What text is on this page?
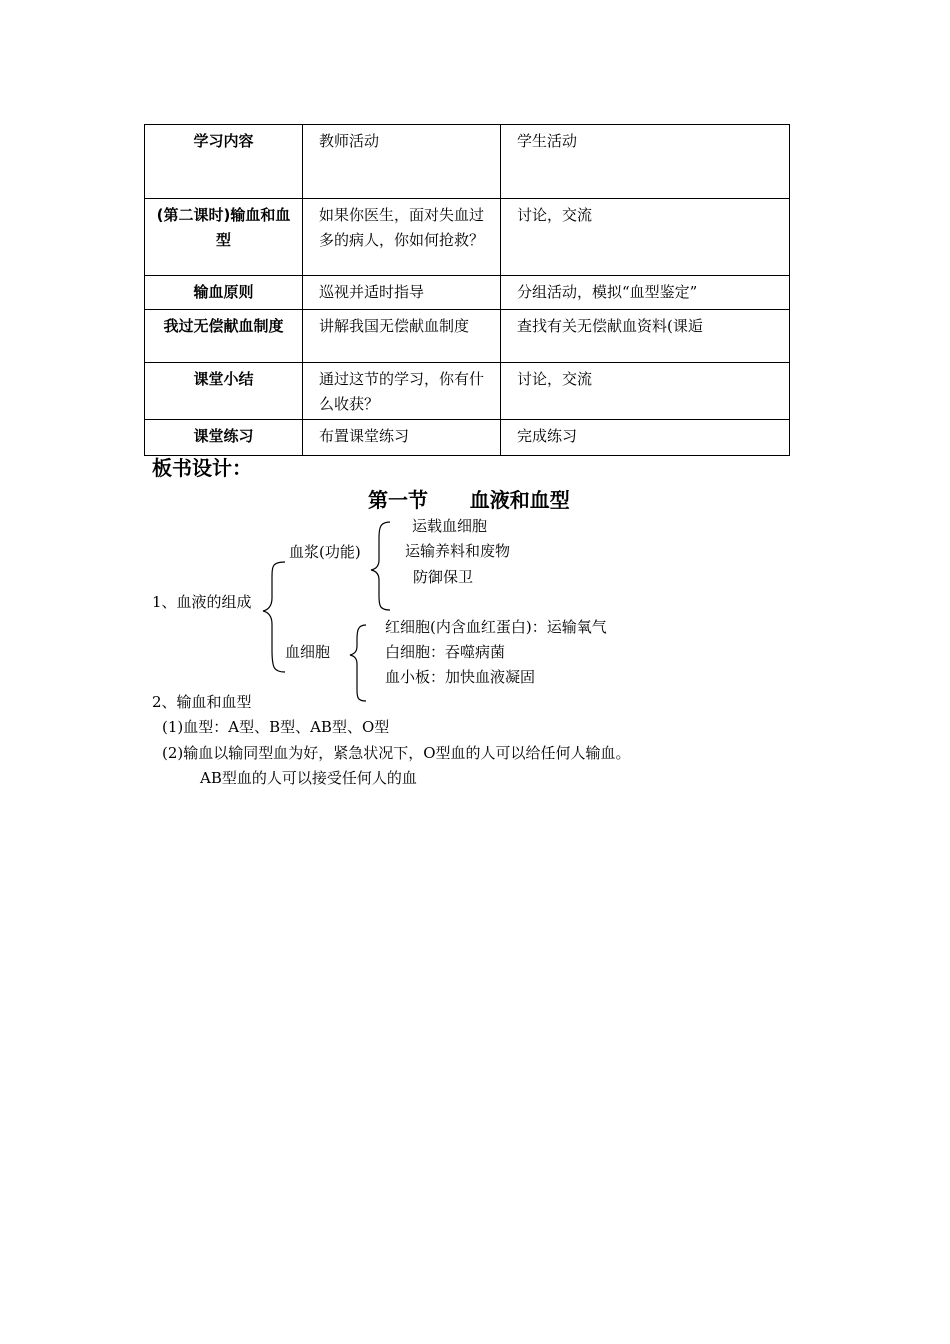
学习内容	教师活动	学生活动
(第二课时)输血和血型	如果你医生，面对失血过多的病人，你如何抢救？	讨论，交流
输血原则	巡视并适时指导	分组活动，模拟“血型鉴定”
我过无偿献血制度	讲解我国无偿献血制度	查找有关无偿献血资料(课逅
课堂小结	通过这节的学习，你有什么收获？	讨论，交流
课堂练习	布置课堂练习	完成练习
板书设计：
第一节      血液和血型
血浆(功能)
运载血细胞
运输养料和废物
防御保卫
1、血液的组成
血细胞
红细胞(内含血红蛋白)：运输氧气
白细胞：吞噬病菌
血小板：加快血液凝固
2、输血和血型
(1)血型：A型、B型、AB型、O型
(2)输血以输同型血为好，紧急状况下，O型血的人可以给任何人输血。
AB型血的人可以接受任何人的血
